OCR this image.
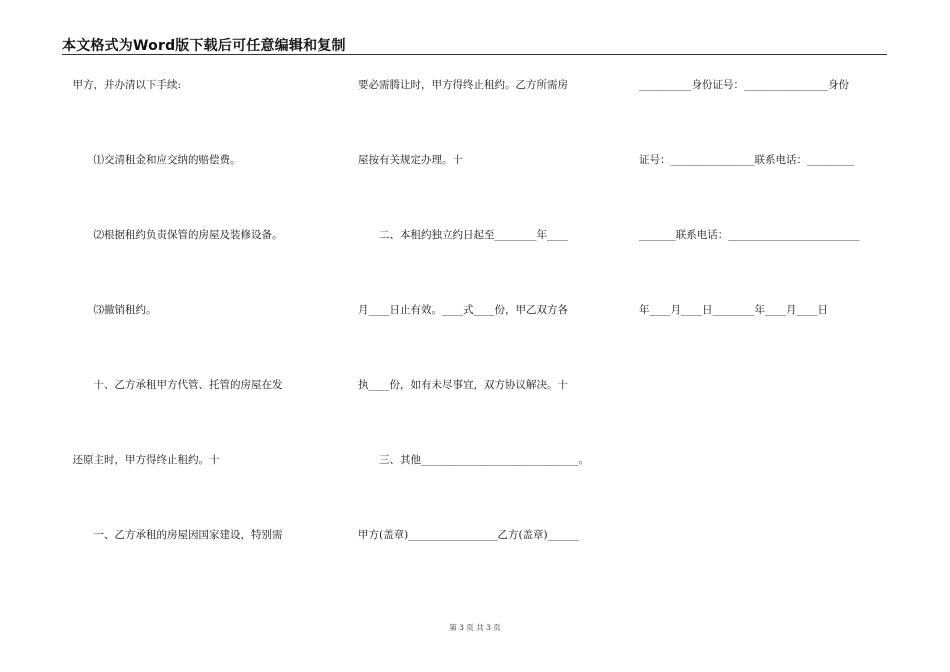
本文格式为Word版下载后可任意编辑和复制
　甲方，并办清以下手续:
　　　⑴交清租金和应交纳的赔偿费。
　　　⑵根据租约负责保管的房屋及装修设备。
　　　⑶撤销租约。
　　　十、乙方承租甲方代管、托管的房屋在发
　还原主时，甲方得终止租约。十
　　　一、乙方承租的房屋因国家建设，特别需
要必需腾让时，甲方得终止租约。乙方所需房
屋按有关规定办理。十
　　二、本租约独立约日起至________年____
月____日止有效。____式____份，甲乙双方各
执____份，如有未尽事宜，双方协议解决。十
　　三、其他______________________________。
甲方(盖章)_________________乙方(盖章)______
__________身份证号：________________身份
证号：________________联系电话：_________
_______联系电话：_________________________
年____月____日________年____月____日
第 3 页 共 3 页
